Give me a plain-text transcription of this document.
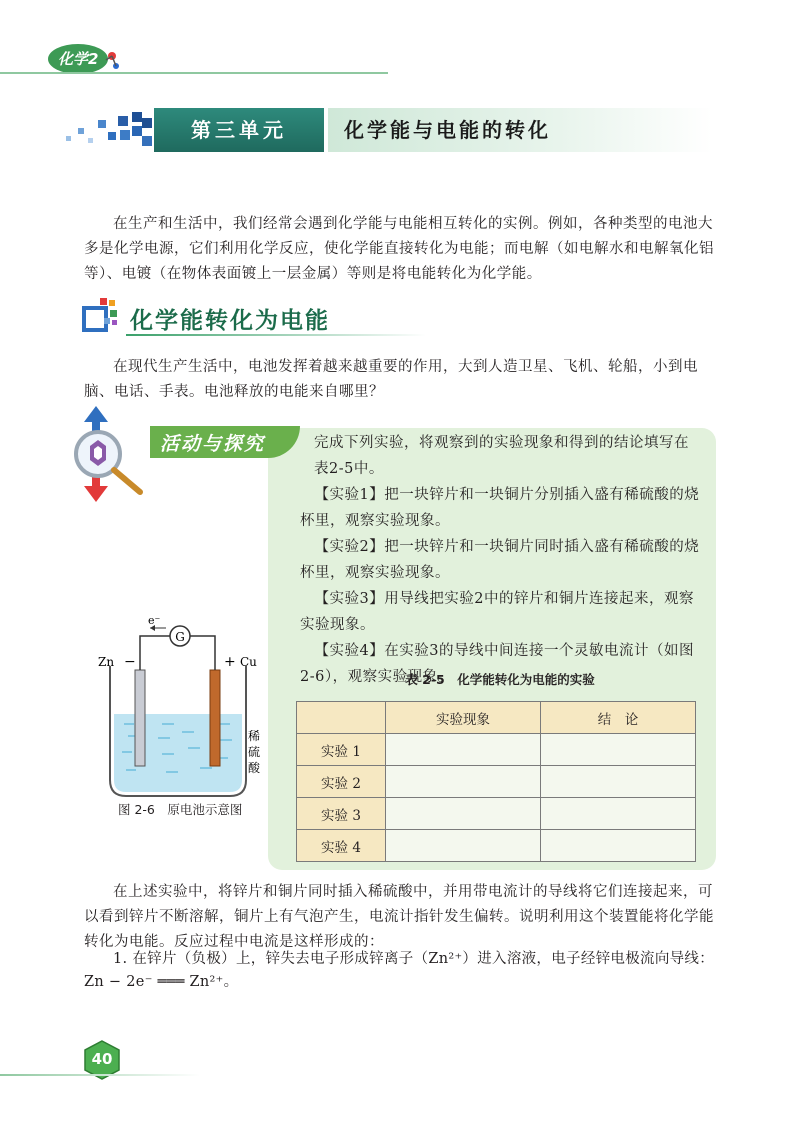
化学2
第三单元	化学能与电能的转化
在生产和生活中，我们经常会遇到化学能与电能相互转化的实例。例如，各种类型的电池大多是化学电源，它们利用化学反应，使化学能直接转化为电能；而电解（如电解水和电解氧化铝等）、电镀（在物体表面镀上一层金属）等则是将电能转化为化学能。
化学能转化为电能
在现代生产生活中，电池发挥着越来越重要的作用，大到人造卫星、飞机、轮船，小到电脑、电话、手表。电池释放的电能来自哪里？
活动与探究	完成下列实验，将观察到的实验现象和得到的结论填写在表2-5中。

【实验1】把一块锌片和一块铜片分别插入盛有稀硫酸的烧杯里，观察实验现象。

【实验2】把一块锌片和一块铜片同时插入盛有稀硫酸的烧杯里，观察实验现象。

【实验3】用导线把实验2中的锌片和铜片连接起来，观察实验现象。

【实验4】在实验3的导线中间连接一个灵敏电流计（如图2-6），观察实验现象。

表 2-5　化学能转化为电能的实验
	实验现象	结　论
实验 1		
实验 2		
实验 3		
实验 4		
G
e⁻
Zn −	+ Cu
稀
硫
酸
图 2-6　原电池示意图
在上述实验中，将锌片和铜片同时插入稀硫酸中，并用带电流计的导线将它们连接起来，可以看到锌片不断溶解，铜片上有气泡产生，电流计指针发生偏转。说明利用这个装置能将化学能转化为电能。反应过程中电流是这样形成的：
1. 在锌片（负极）上，锌失去电子形成锌离子（Zn²⁺）进入溶液，电子经锌电极流向导线：
Zn − 2e⁻ ═══ Zn²⁺。
40
